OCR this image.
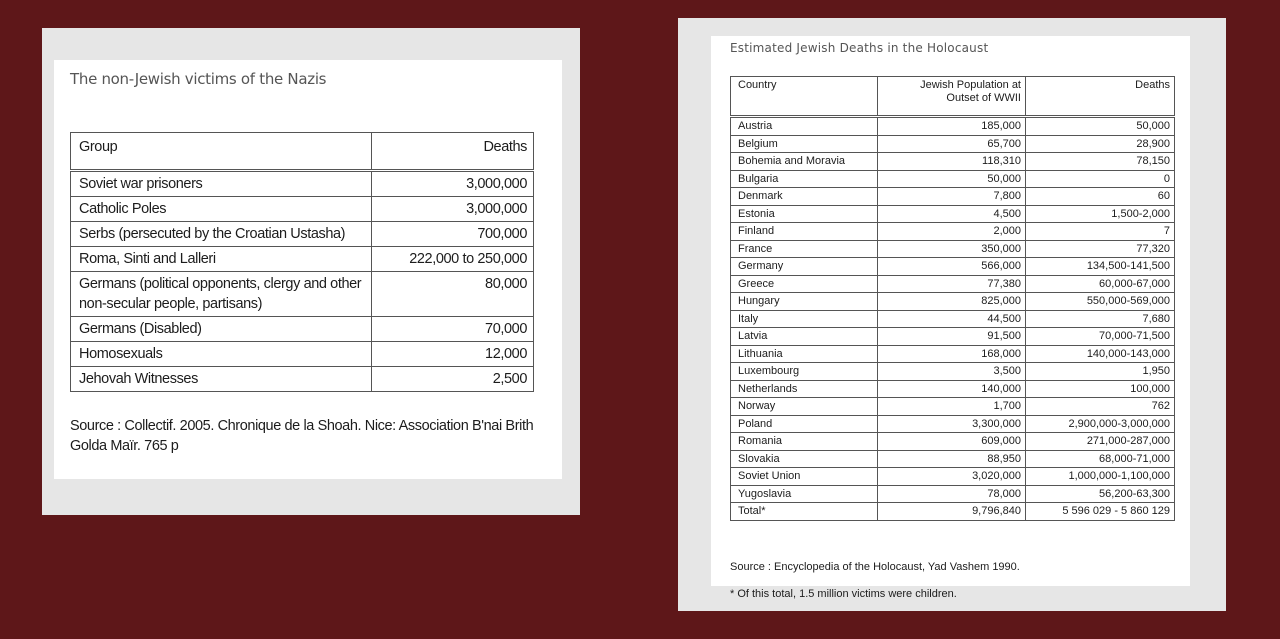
The non-Jewish victims of the Nazis
Group	Deaths
Soviet war prisoners	3,000,000
Catholic Poles	3,000,000
Serbs (persecuted by the Croatian Ustasha)	700,000
Roma, Sinti and Lalleri	222,000 to 250,000
Germans (political opponents, clergy and other non-secular people, partisans)	80,000
Germans (Disabled)	70,000
Homosexuals	12,000
Jehovah Witnesses	2,500
Source : Collectif. 2005. Chronique de la Shoah. Nice: Association B'nai Brith Golda Maïr. 765 p
Estimated Jewish Deaths in the Holocaust
Country	Jewish Population at Outset of WWII	Deaths
Austria	185,000	50,000
Belgium	65,700	28,900
Bohemia and Moravia	118,310	78,150
Bulgaria	50,000	0
Denmark	7,800	60
Estonia	4,500	1,500-2,000
Finland	2,000	7
France	350,000	77,320
Germany	566,000	134,500-141,500
Greece	77,380	60,000-67,000
Hungary	825,000	550,000-569,000
Italy	44,500	7,680
Latvia	91,500	70,000-71,500
Lithuania	168,000	140,000-143,000
Luxembourg	3,500	1,950
Netherlands	140,000	100,000
Norway	1,700	762
Poland	3,300,000	2,900,000-3,000,000
Romania	609,000	271,000-287,000
Slovakia	88,950	68,000-71,000
Soviet Union	3,020,000	1,000,000-1,100,000
Yugoslavia	78,000	56,200-63,300
Total*	9,796,840	5 596 029 - 5 860 129
Source : Encyclopedia of the Holocaust, Yad Vashem 1990.
* Of this total, 1.5 million victims were children.
